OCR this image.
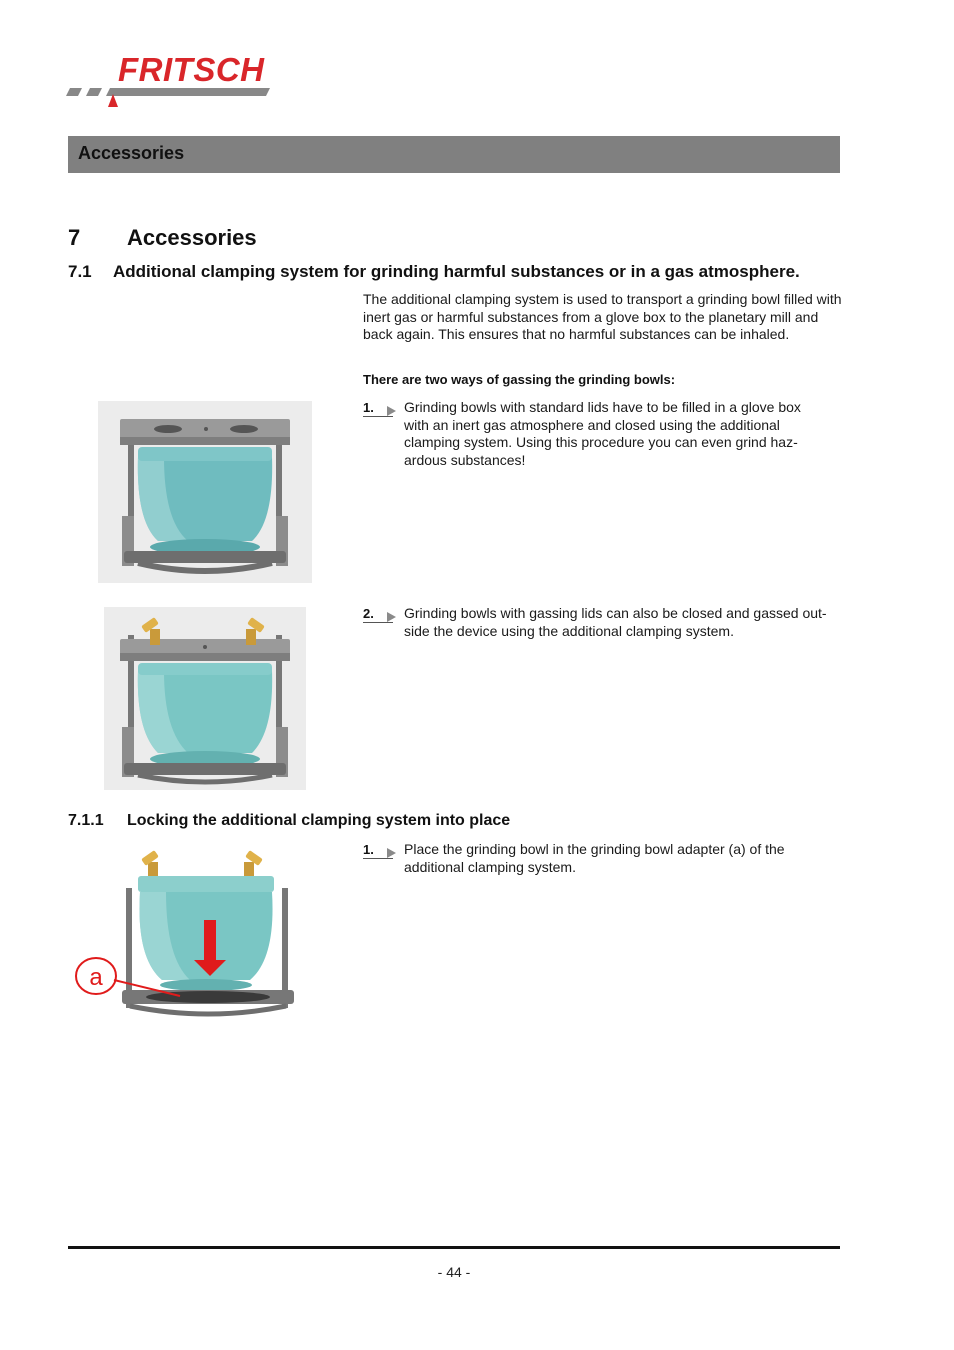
FRITSCH
Accessories
7 Accessories
7.1 Additional clamping system for grinding harmful substances or in a gas atmosphere.
The additional clamping system is used to transport a grinding bowl filled with inert gas or harmful substances from a glove box to the planetary mill and back again. This ensures that no harmful substances can be inhaled.
There are two ways of gassing the grinding bowls:
1.	Grinding bowls with standard lids have to be filled in a glove box
with an inert gas atmosphere and closed using the additional
clamping system. Using this procedure you can even grind haz-
ardous substances!
2.	Grinding bowls with gassing lids can also be closed and gassed out-
side the device using the additional clamping system.
7.1.1 Locking the additional clamping system into place
1.	Place the grinding bowl in the grinding bowl adapter (a) of the
additional clamping system.
a
- 44 -
